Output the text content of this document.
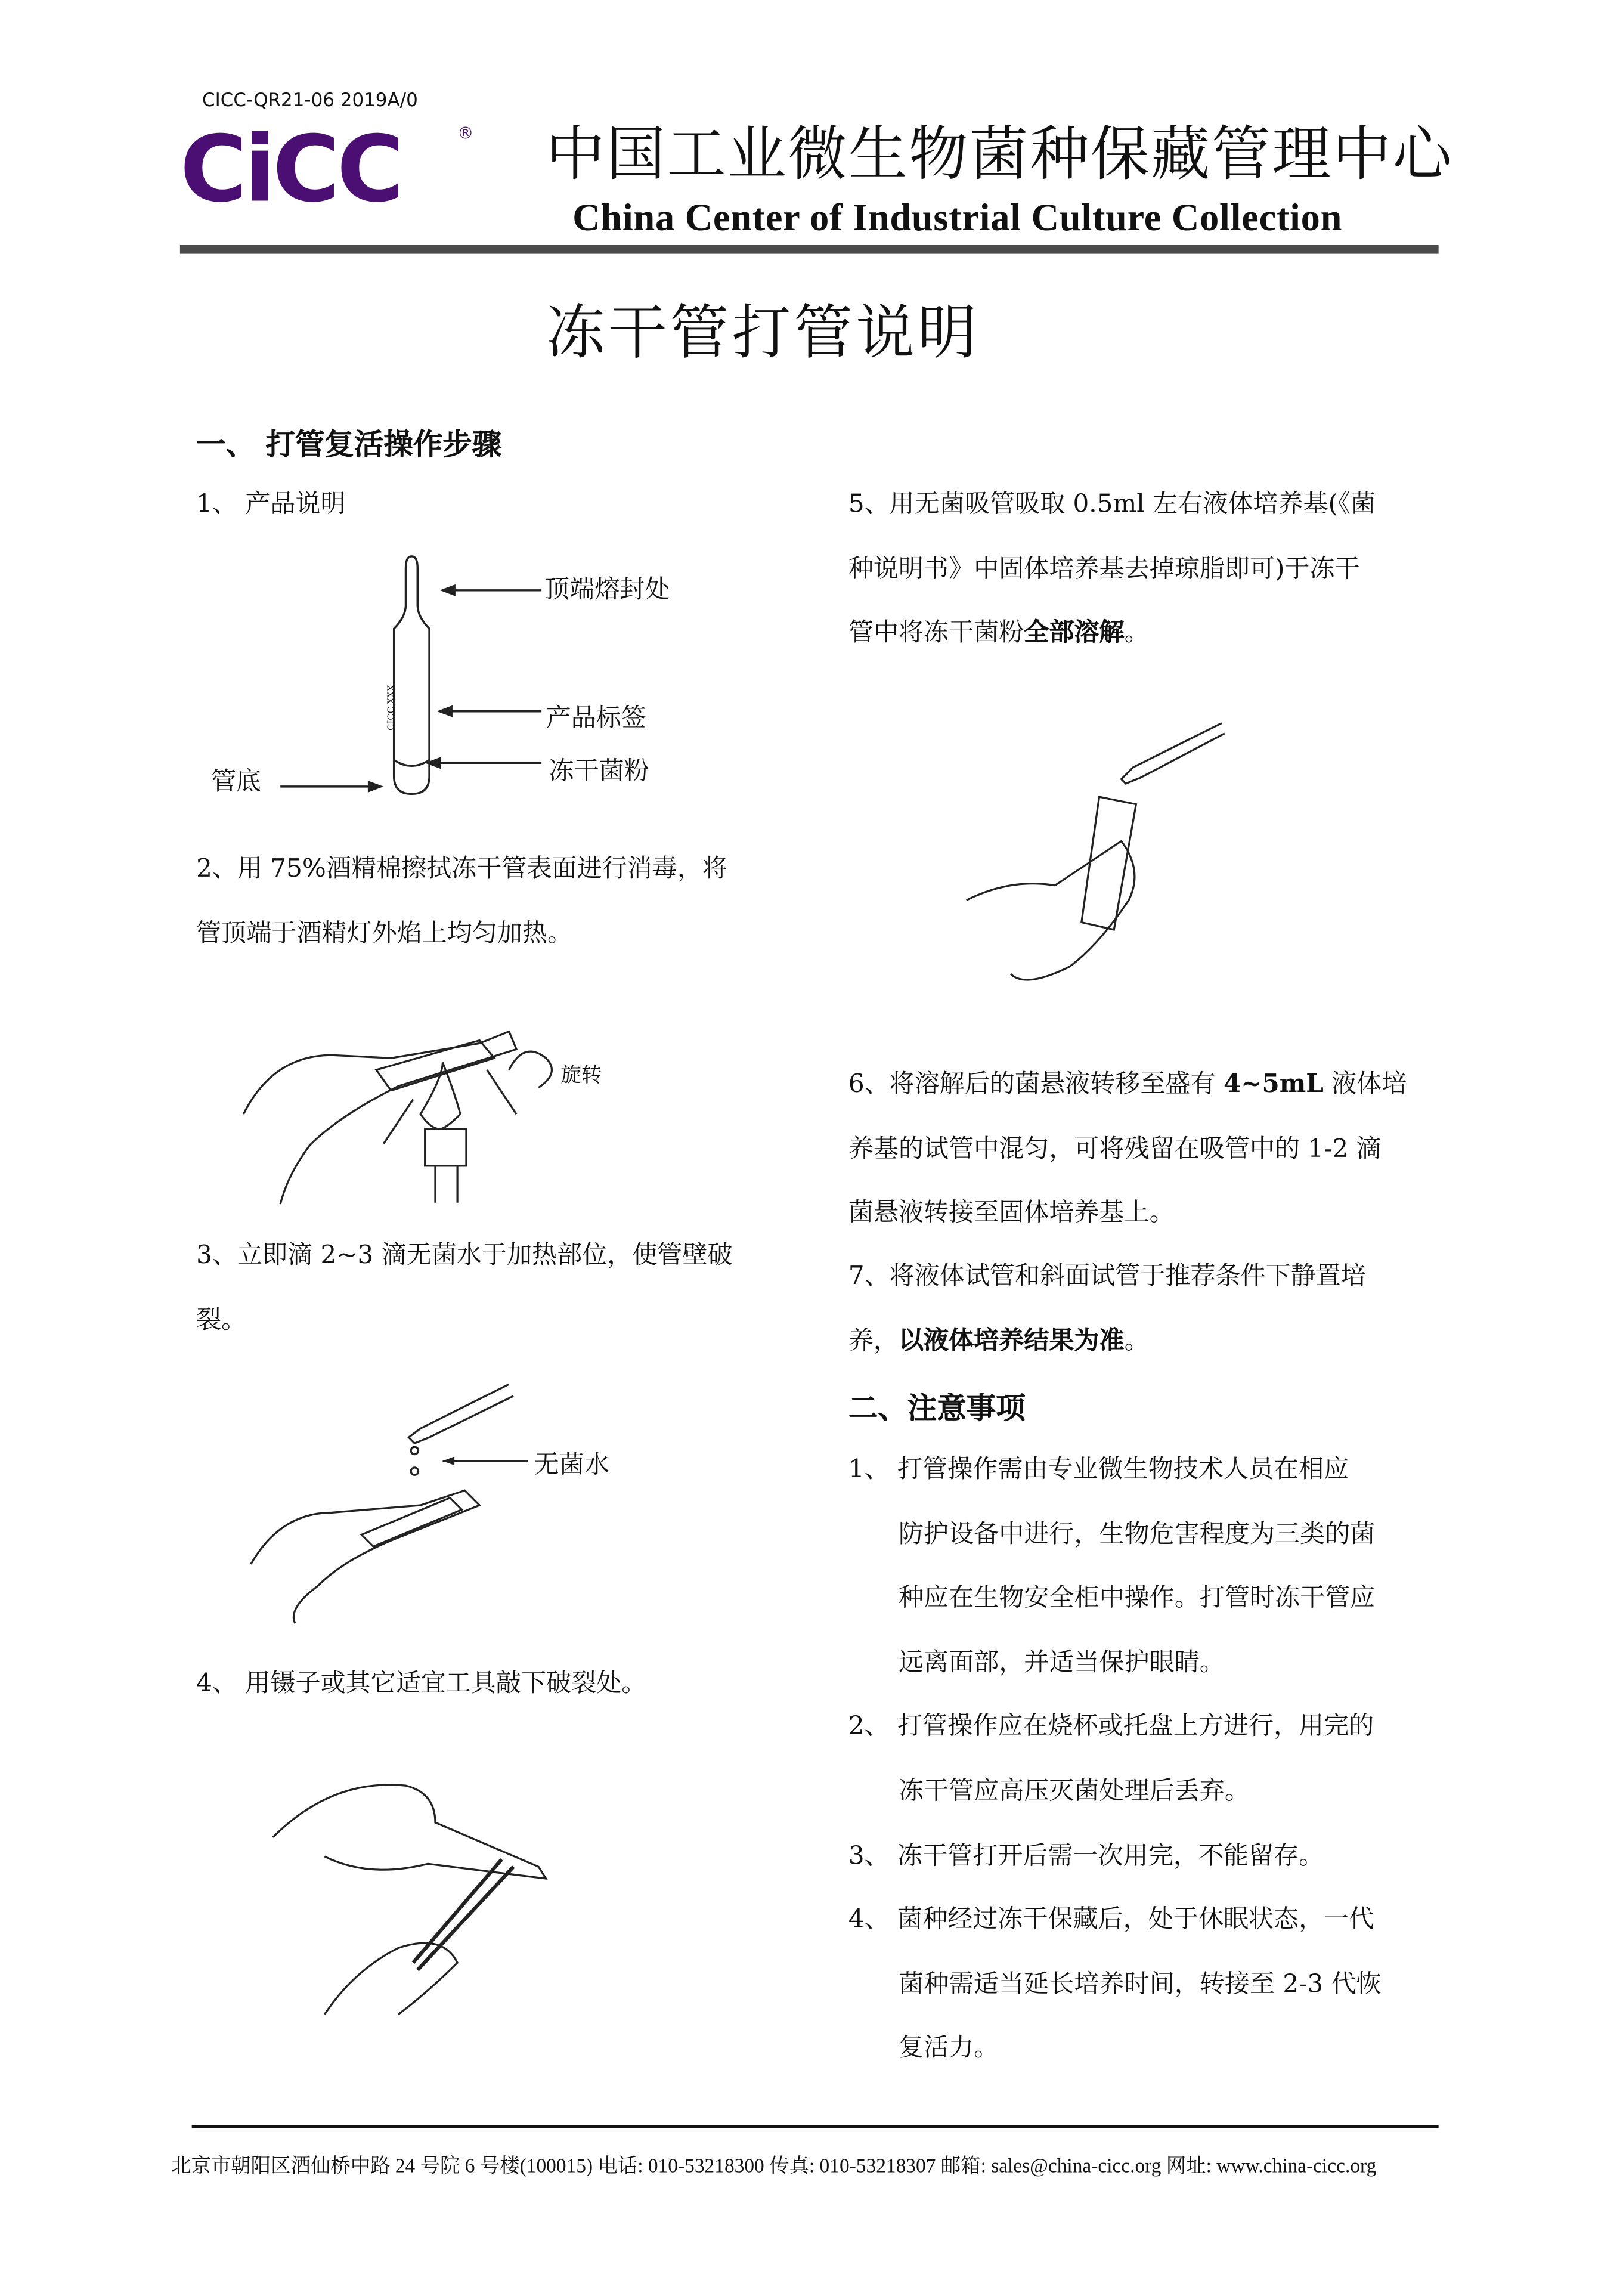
CICC-QR21-06 2019A/0
CiCC	®	中国工业微生物菌种保藏管理中心
China Center of Industrial Culture Collection
冻干管打管说明
一、 打管复活操作步骤
二、注意事项
1、 产品说明
2、用 75%酒精棉擦拭冻干管表面进行消毒，将
管顶端于酒精灯外焰上均匀加热。
3、立即滴 2~3 滴无菌水于加热部位，使管壁破
裂。
4、 用镊子或其它适宜工具敲下破裂处。
5、用无菌吸管吸取 0.5ml 左右液体培养基(《菌
种说明书》中固体培养基去掉琼脂即可)于冻干
管中将冻干菌粉全部溶解。
6、将溶解后的菌悬液转移至盛有 4~5mL 液体培
养基的试管中混匀，可将残留在吸管中的 1-2 滴
菌悬液转接至固体培养基上。
7、将液体试管和斜面试管于推荐条件下静置培
养，以液体培养结果为准。
1、 打管操作需由专业微生物技术人员在相应
防护设备中进行，生物危害程度为三类的菌
种应在生物安全柜中操作。打管时冻干管应
远离面部，并适当保护眼睛。
2、 打管操作应在烧杯或托盘上方进行，用完的
冻干管应高压灭菌处理后丢弃。
3、 冻干管打开后需一次用完，不能留存。
4、 菌种经过冻干保藏后，处于休眠状态，一代
菌种需适当延长培养时间，转接至 2-3 代恢
复活力。
顶端熔封处
产品标签
冻干菌粉
管底
CICC XXX
旋转
无菌水
北京市朝阳区酒仙桥中路 24 号院 6 号楼(100015) 电话: 010-53218300 传真: 010-53218307 邮箱: sales@china-cicc.org 网址: www.china-cicc.org
